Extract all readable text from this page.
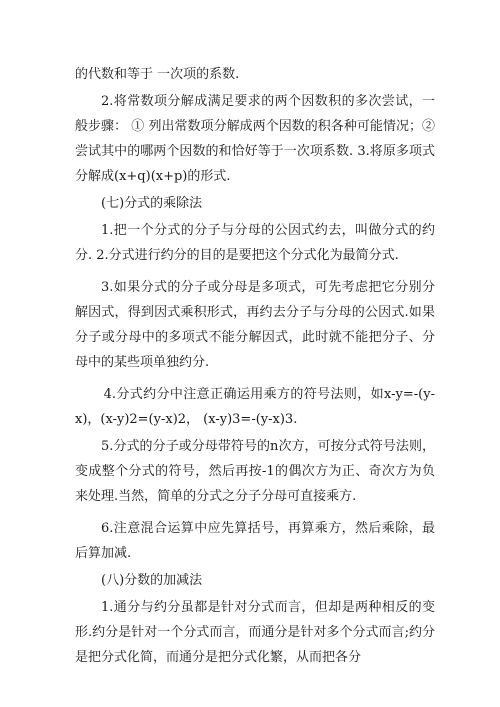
的代数和等于 一次项的系数.

2.将常数项分解成满足要求的两个因数积的多次尝试，一般步骤： ① 列出常数项分解成两个因数的积各种可能情况；②尝试其中的哪两个因数的和恰好等于一次项系数. 3.将原多项式分解成(x+q)(x+p)的形式.

(七)分式的乘除法

1.把一个分式的分子与分母的公因式约去，叫做分式的约分. 2.分式进行约分的目的是要把这个分式化为最简分式.

3.如果分式的分子或分母是多项式，可先考虑把它分别分解因式，得到因式乘积形式，再约去分子与分母的公因式.如果分子或分母中的多项式不能分解因式，此时就不能把分子、分母中的某些项单独约分.

4.分式约分中注意正确运用乘方的符号法则，如x-y=-(y-x)，(x-y)2=(y-x)2， (x-y)3=-(y-x)3.

5.分式的分子或分母带符号的n次方，可按分式符号法则，变成整个分式的符号，然后再按-1的偶次方为正、奇次方为负来处理.当然，简单的分式之分子分母可直接乘方.

6.注意混合运算中应先算括号，再算乘方，然后乘除，最后算加减.

(八)分数的加减法

1.通分与约分虽都是针对分式而言，但却是两种相反的变形.约分是针对一个分式而言，而通分是针对多个分式而言;约分是把分式化简，而通分是把分式化繁，从而把各分
